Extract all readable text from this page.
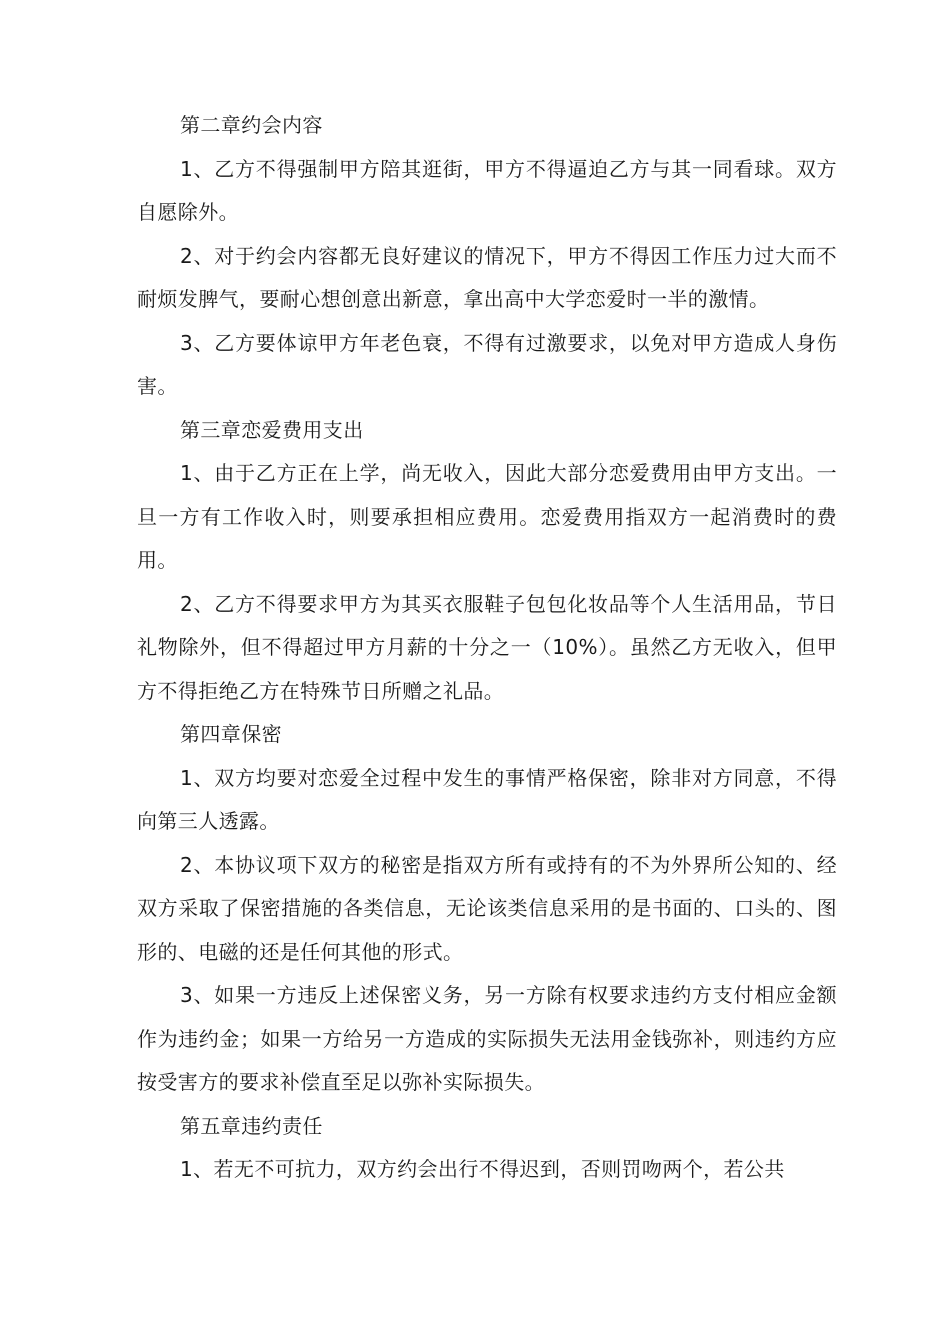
第二章约会内容

1、乙方不得强制甲方陪其逛街，甲方不得逼迫乙方与其一同看球。双方自愿除外。

2、对于约会内容都无良好建议的情况下，甲方不得因工作压力过大而不耐烦发脾气，要耐心想创意出新意，拿出高中大学恋爱时一半的激情。

3、乙方要体谅甲方年老色衰，不得有过激要求，以免对甲方造成人身伤害。

第三章恋爱费用支出

1、由于乙方正在上学，尚无收入，因此大部分恋爱费用由甲方支出。一旦一方有工作收入时，则要承担相应费用。恋爱费用指双方一起消费时的费用。

2、乙方不得要求甲方为其买衣服鞋子包包化妆品等个人生活用品，节日礼物除外，但不得超过甲方月薪的十分之一（10%）。虽然乙方无收入，但甲方不得拒绝乙方在特殊节日所赠之礼品。

第四章保密

1、双方均要对恋爱全过程中发生的事情严格保密，除非对方同意，不得向第三人透露。

2、本协议项下双方的秘密是指双方所有或持有的不为外界所公知的、经双方采取了保密措施的各类信息，无论该类信息采用的是书面的、口头的、图形的、电磁的还是任何其他的形式。

3、如果一方违反上述保密义务，另一方除有权要求违约方支付相应金额作为违约金；如果一方给另一方造成的实际损失无法用金钱弥补，则违约方应按受害方的要求补偿直至足以弥补实际损失。

第五章违约责任

1、若无不可抗力，双方约会出行不得迟到，否则罚吻两个，若公共
